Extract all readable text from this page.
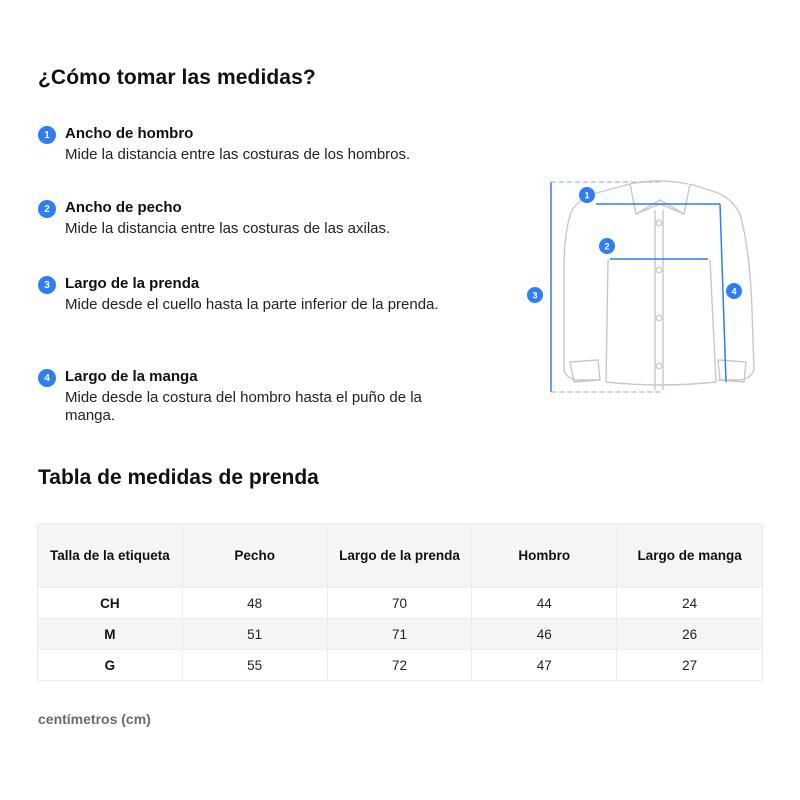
¿Cómo tomar las medidas?
1	Ancho de hombro
Mide la distancia entre las costuras de los hombros.
2	Ancho de pecho
Mide la distancia entre las costuras de las axilas.
3	Largo de la prenda
Mide desde el cuello hasta la parte inferior de la prenda.
4	Largo de la manga
Mide desde la costura del hombro hasta el puño de la manga.
1
2
3	4
Tabla de medidas de prenda
Talla de la etiqueta	Pecho	Largo de la prenda	Hombro	Largo de manga
CH	48	70	44	24
M	51	71	46	26
G	55	72	47	27
centímetros (cm)
